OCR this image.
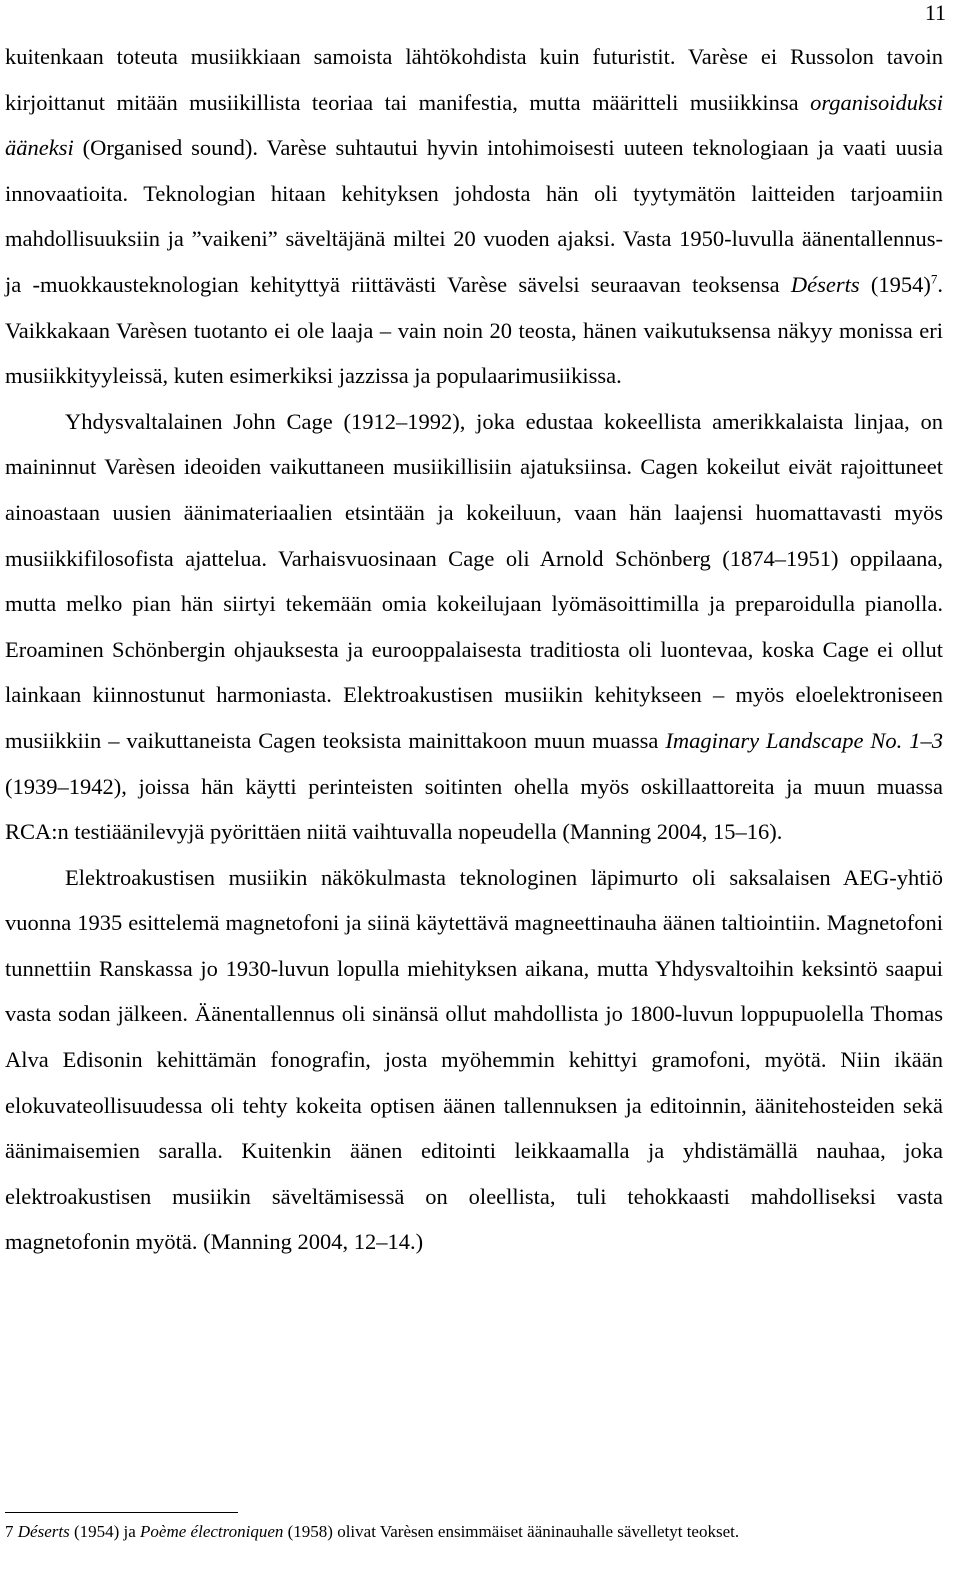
11

kuitenkaan toteuta musiikkiaan samoista lähtökohdista kuin futuristit. Varèse ei Russolon tavoin kirjoittanut mitään musiikillista teoriaa tai manifestia, mutta määritteli musiikkinsa organisoiduksi ääneksi (Organised sound). Varèse suhtautui hyvin intohimoisesti uuteen teknologiaan ja vaati uusia innovaatioita. Teknologian hitaan kehityksen johdosta hän oli tyytymätön laitteiden tarjoamiin mahdollisuuksiin ja ”vaikeni” säveltäjänä miltei 20 vuoden ajaksi. Vasta 1950-luvulla äänentallennus- ja -muokkausteknologian kehityttyä riittävästi Varèse sävelsi seuraavan teoksensa Déserts $(1954)^7$. Vaikkakaan Varèsen tuotanto ei ole laaja – vain noin 20 teosta, hänen vaikutuksensa näkyy monissa eri musiikkityyleissä, kuten esimerkiksi jazzissa ja populaarimusiikissa.

Yhdysvaltalainen John Cage (1912–1992), joka edustaa kokeellista amerikkalaista linjaa, on maininnut Varèsen ideoiden vaikuttaneen musiikillisiin ajatuksiinsa. Cagen kokeilut eivät rajoittuneet ainoastaan uusien äänimateriaalien etsintään ja kokeiluun, vaan hän laajensi huomattavasti myös musiikkifilosofista ajattelua. Varhaisvuosinaan Cage oli Arnold Schönberg (1874–1951) oppilaana, mutta melko pian hän siirtyi tekemään omia kokeilujaan lyömäsoittimilla ja preparoidulla pianolla. Eroaminen Schönbergin ohjauksesta ja eurooppalaisesta traditiosta oli luontevaa, koska Cage ei ollut lainkaan kiinnostunut harmoniasta. Elektroakustisen musiikin kehitykseen – myös eloelektroniseen musiikkiin – vaikuttaneista Cagen teoksista mainittakoon muun muassa Imaginary Landscape No. 1–3 (1939–1942), joissa hän käytti perinteisten soitinten ohella myös oskillaattoreita ja muun muassa RCA:n testiäänilevyjä pyörittäen niitä vaihtuvalla nopeudella (Manning 2004, 15–16).

Elektroakustisen musiikin näkökulmasta teknologinen läpimurto oli saksalaisen AEG-yhtiö vuonna 1935 esittelemä magnetofoni ja siinä käytettävä magneettinauha äänen taltiointiin. Magnetofoni tunnettiin Ranskassa jo 1930-luvun lopulla miehityksen aikana, mutta Yhdysvaltoihin keksintö saapui vasta sodan jälkeen. Äänentallennus oli sinänsä ollut mahdollista jo 1800-luvun loppupuolella Thomas Alva Edisonin kehittämän fonografin, josta myöhemmin kehittyi gramofoni, myötä. Niin ikään elokuvateollisuudessa oli tehty kokeita optisen äänen tallennuksen ja editoinnin, äänitehosteiden sekä äänimaisemien saralla. Kuitenkin äänen editointi leikkaamalla ja yhdistämällä nauhaa, joka elektroakustisen musiikin säveltämisessä on oleellista, tuli tehokkaasti mahdolliseksi vasta magnetofonin myötä. (Manning 2004, 12–14.)

7 Déserts (1954) ja Poème électroniquen (1958) olivat Varèsen ensimmäiset ääninauhalle sävelletyt teokset.
